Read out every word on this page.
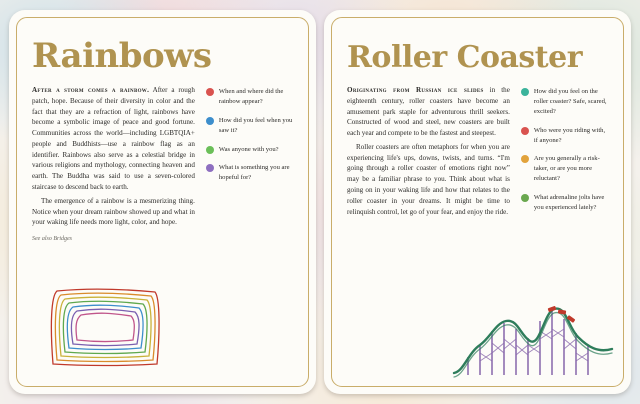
Rainbows

After a storm comes a rainbow. After a rough patch, hope. Because of their diversity in color and the fact that they are a refraction of light, rainbows have become a symbolic image of peace and good fortune. Communities across the world—including LGBTQIA+ people and Buddhists—use a rainbow flag as an identifier. Rainbows also serve as a celestial bridge in various religions and mythology, connecting heaven and earth. The Buddha was said to use a seven-colored staircase to descend back to earth.

The emergence of a rainbow is a mesmerizing thing. Notice when your dream rainbow showed up and what in your waking life needs more light, color, and hope.

See also Bridges
When and where did the rainbow appear?
How did you feel when you saw it?
Was anyone with you?
What is something you are hopeful for?
Roller Coaster

Originating from Russian ice slides in the eighteenth century, roller coasters have become an amusement park staple for adventurous thrill seekers. Constructed of wood and steel, new coasters are built each year and compete to be the fastest and steepest.

Roller coasters are often metaphors for when you are experiencing life's ups, downs, twists, and turns. “I'm going through a roller coaster of emotions right now” may be a familiar phrase to you. Think about what is going on in your waking life and how that relates to the roller coaster in your dreams. It might be time to relinquish control, let go of your fear, and enjoy the ride.

How did you feel on the roller coaster? Safe, scared, excited?
Who were you riding with, if anyone?
Are you generally a risk-taker, or are you more reluctant?
What adrenaline jolts have you experienced lately?
